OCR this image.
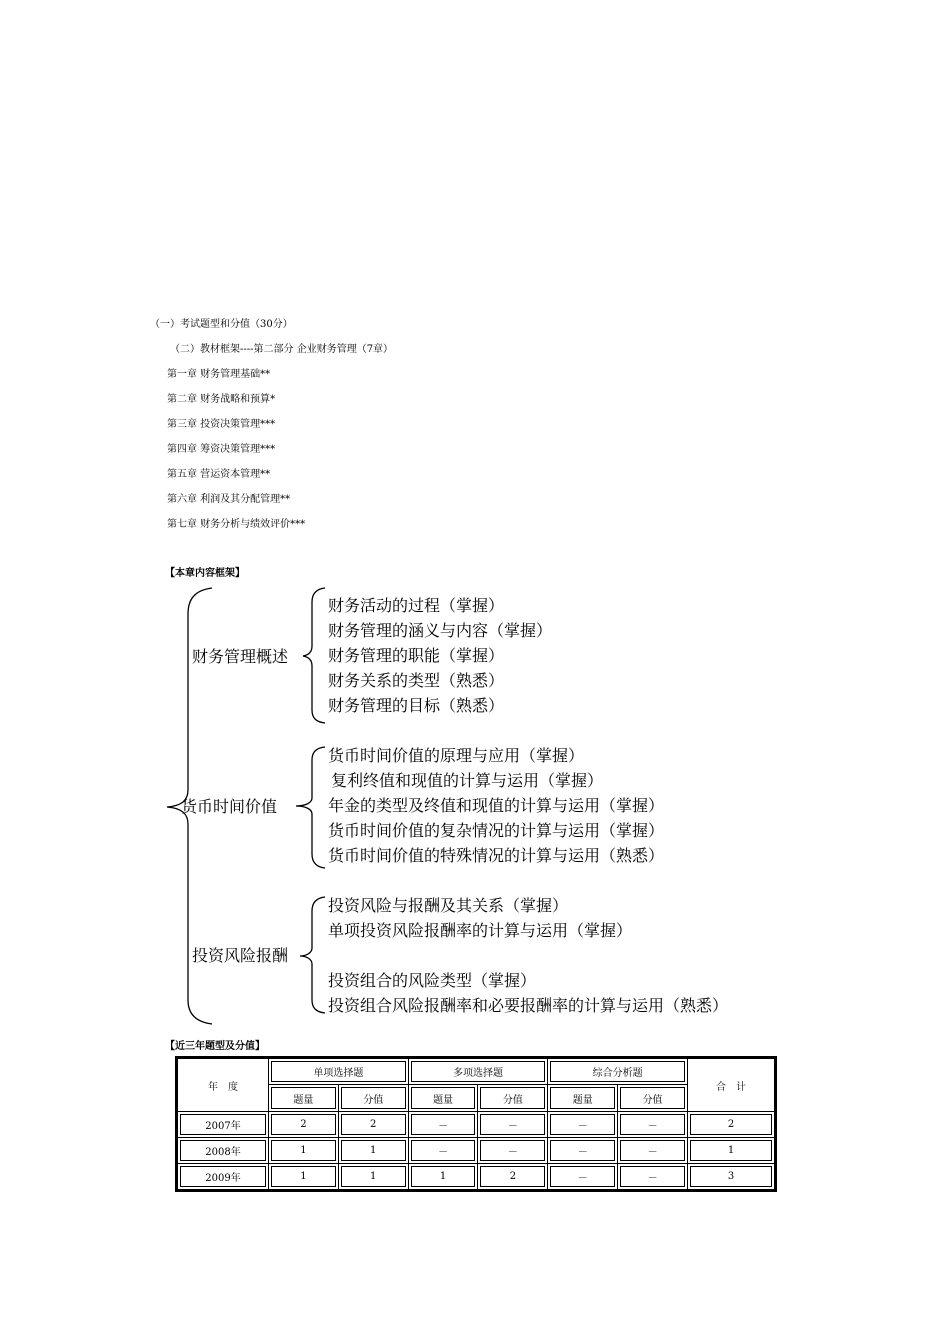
（一）考试题型和分值（30分）
（二）教材框架----第二部分 企业财务管理（7章）
第一章 财务管理基础**
第二章 财务战略和预算*
第三章 投资决策管理***
第四章 筹资决策管理***
第五章 营运资本管理**
第六章 利润及其分配管理**
第七章 财务分析与绩效评价***
【本章内容框架】
财务管理概述
货币时间价值
投资风险报酬
财务活动的过程（掌握）
财务管理的涵义与内容（掌握）
财务管理的职能（掌握）
财务关系的类型（熟悉）
财务管理的目标（熟悉）
货币时间价值的原理与应用（掌握）
复利终值和现值的计算与运用（掌握）
年金的类型及终值和现值的计算与运用（掌握）
货币时间价值的复杂情况的计算与运用（掌握）
货币时间价值的特殊情况的计算与运用（熟悉）
投资风险与报酬及其关系（掌握）
单项投资风险报酬率的计算与运用（掌握）
投资组合的风险类型（掌握）
投资组合风险报酬率和必要报酬率的计算与运用（熟悉）
【近三年题型及分值】
年　度	单项选择题		多项选择题		综合分析题		合　计
	题量	分值	题量	分值	题量	分值	
2007年	2	2	－	－	－	－	2
2008年	1	1	－	－	－	－	1
2009年	1	1	1	2	－	－	3
